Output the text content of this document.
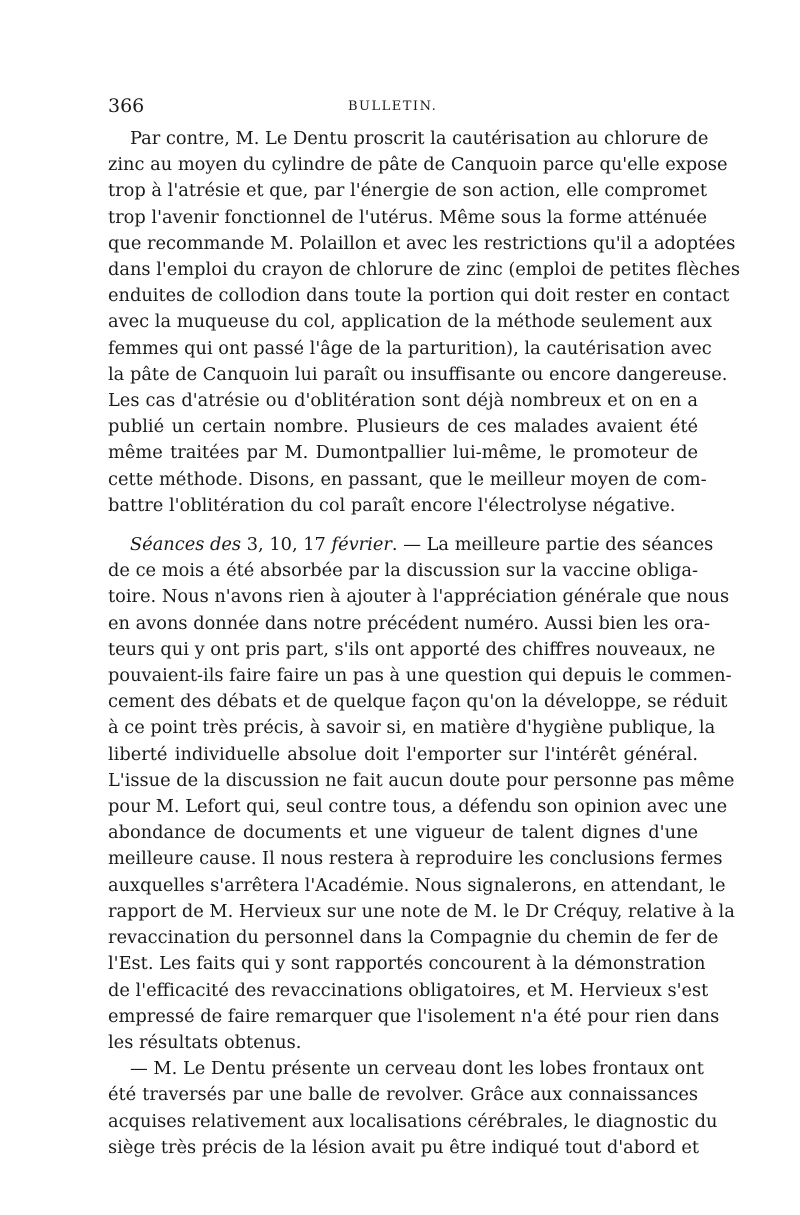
366	BULLETIN.
Par contre, M. Le Dentu proscrit la cautérisation au chlorure de
zinc au moyen du cylindre de pâte de Canquoin parce qu'elle expose
trop à l'atrésie et que, par l'énergie de son action, elle compromet
trop l'avenir fonctionnel de l'utérus. Même sous la forme atténuée
que recommande M. Polaillon et avec les restrictions qu'il a adoptées
dans l'emploi du crayon de chlorure de zinc (emploi de petites flèches
enduites de collodion dans toute la portion qui doit rester en contact
avec la muqueuse du col, application de la méthode seulement aux
femmes qui ont passé l'âge de la parturition), la cautérisation avec
la pâte de Canquoin lui paraît ou insuffisante ou encore dangereuse.
Les cas d'atrésie ou d'oblitération sont déjà nombreux et on en a
publié un certain nombre. Plusieurs de ces malades avaient été
même traitées par M. Dumontpallier lui-même, le promoteur de
cette méthode. Disons, en passant, que le meilleur moyen de com-
battre l'oblitération du col paraît encore l'électrolyse négative.
Séances des 3, 10, 17 février. — La meilleure partie des séances
de ce mois a été absorbée par la discussion sur la vaccine obliga-
toire. Nous n'avons rien à ajouter à l'appréciation générale que nous
en avons donnée dans notre précédent numéro. Aussi bien les ora-
teurs qui y ont pris part, s'ils ont apporté des chiffres nouveaux, ne
pouvaient-ils faire faire un pas à une question qui depuis le commen-
cement des débats et de quelque façon qu'on la développe, se réduit
à ce point très précis, à savoir si, en matière d'hygiène publique, la
liberté individuelle absolue doit l'emporter sur l'intérêt général.
L'issue de la discussion ne fait aucun doute pour personne pas même
pour M. Lefort qui, seul contre tous, a défendu son opinion avec une
abondance de documents et une vigueur de talent dignes d'une
meilleure cause. Il nous restera à reproduire les conclusions fermes
auxquelles s'arrêtera l'Académie. Nous signalerons, en attendant, le
rapport de M. Hervieux sur une note de M. le Dr Créquy, relative à la
revaccination du personnel dans la Compagnie du chemin de fer de
l'Est. Les faits qui y sont rapportés concourent à la démonstration
de l'efficacité des revaccinations obligatoires, et M. Hervieux s'est
empressé de faire remarquer que l'isolement n'a été pour rien dans
les résultats obtenus.
— M. Le Dentu présente un cerveau dont les lobes frontaux ont
été traversés par une balle de revolver. Grâce aux connaissances
acquises relativement aux localisations cérébrales, le diagnostic du
siège très précis de la lésion avait pu être indiqué tout d'abord et
